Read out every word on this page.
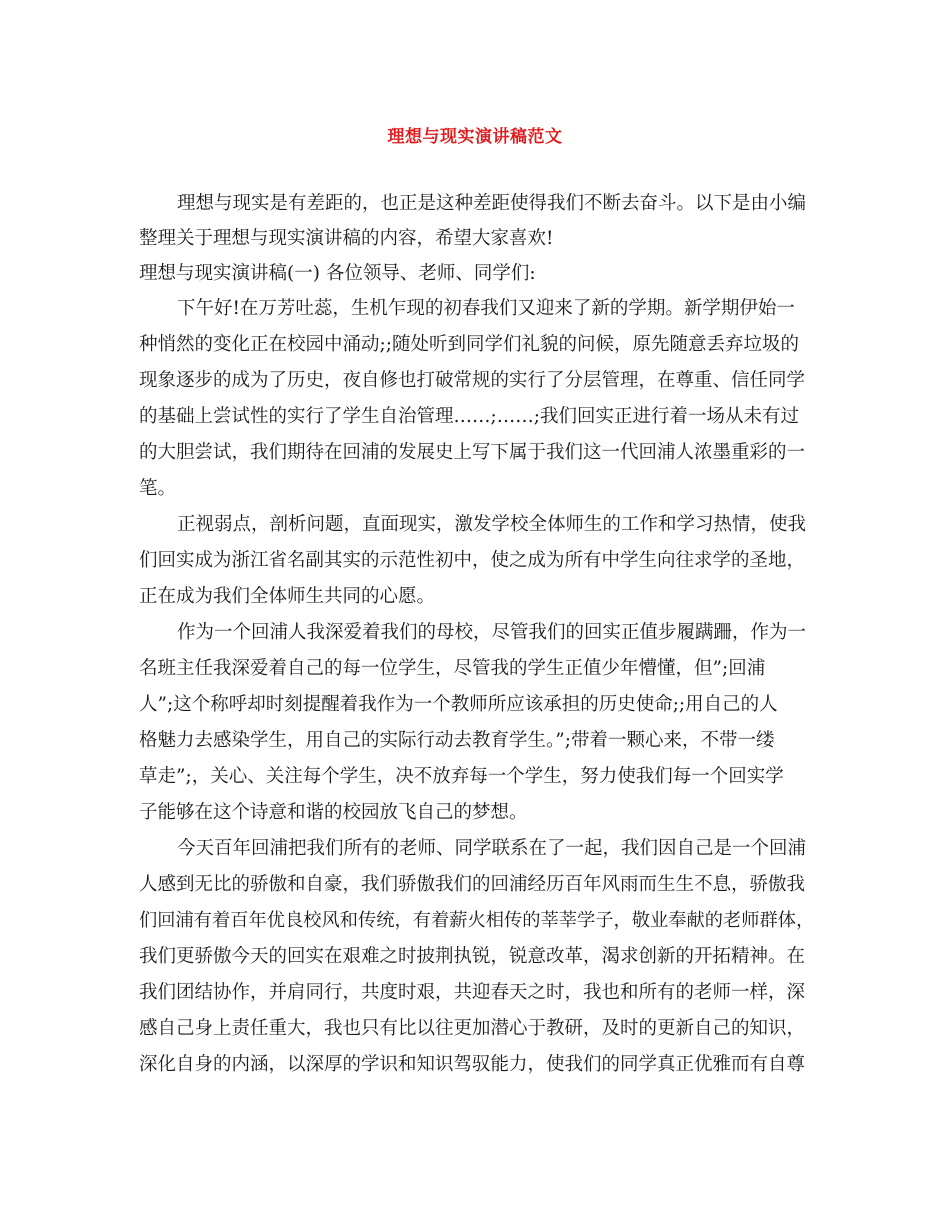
理想与现实演讲稿范文
理想与现实是有差距的，也正是这种差距使得我们不断去奋斗。以下是由小编
整理关于理想与现实演讲稿的内容，希望大家喜欢!
理想与现实演讲稿(一) 各位领导、老师、同学们:
下午好!在万芳吐蕊，生机乍现的初春我们又迎来了新的学期。新学期伊始一
种悄然的变化正在校园中涌动;;随处听到同学们礼貌的问候，原先随意丢弃垃圾的
现象逐步的成为了历史，夜自修也打破常规的实行了分层管理，在尊重、信任同学
的基础上尝试性的实行了学生自治管理……;……;我们回实正进行着一场从未有过
的大胆尝试，我们期待在回浦的发展史上写下属于我们这一代回浦人浓墨重彩的一
笔。
正视弱点，剖析问题，直面现实，激发学校全体师生的工作和学习热情，使我
们回实成为浙江省名副其实的示范性初中，使之成为所有中学生向往求学的圣地，
正在成为我们全体师生共同的心愿。
作为一个回浦人我深爱着我们的母校，尽管我们的回实正值步履蹒跚，作为一
名班主任我深爱着自己的每一位学生，尽管我的学生正值少年懵懂，但”;回浦
人”;这个称呼却时刻提醒着我作为一个教师所应该承担的历史使命;;用自己的人
格魅力去感染学生，用自己的实际行动去教育学生。”;带着一颗心来，不带一缕
草走”;，关心、关注每个学生，决不放弃每一个学生，努力使我们每一个回实学
子能够在这个诗意和谐的校园放飞自己的梦想。
今天百年回浦把我们所有的老师、同学联系在了一起，我们因自己是一个回浦
人感到无比的骄傲和自豪，我们骄傲我们的回浦经历百年风雨而生生不息，骄傲我
们回浦有着百年优良校风和传统，有着薪火相传的莘莘学子，敬业奉献的老师群体，
我们更骄傲今天的回实在艰难之时披荆执锐，锐意改革，渴求创新的开拓精神。在
我们团结协作，并肩同行，共度时艰，共迎春天之时，我也和所有的老师一样，深
感自己身上责任重大，我也只有比以往更加潜心于教研，及时的更新自己的知识，
深化自身的内涵，以深厚的学识和知识驾驭能力，使我们的同学真正优雅而有自尊
